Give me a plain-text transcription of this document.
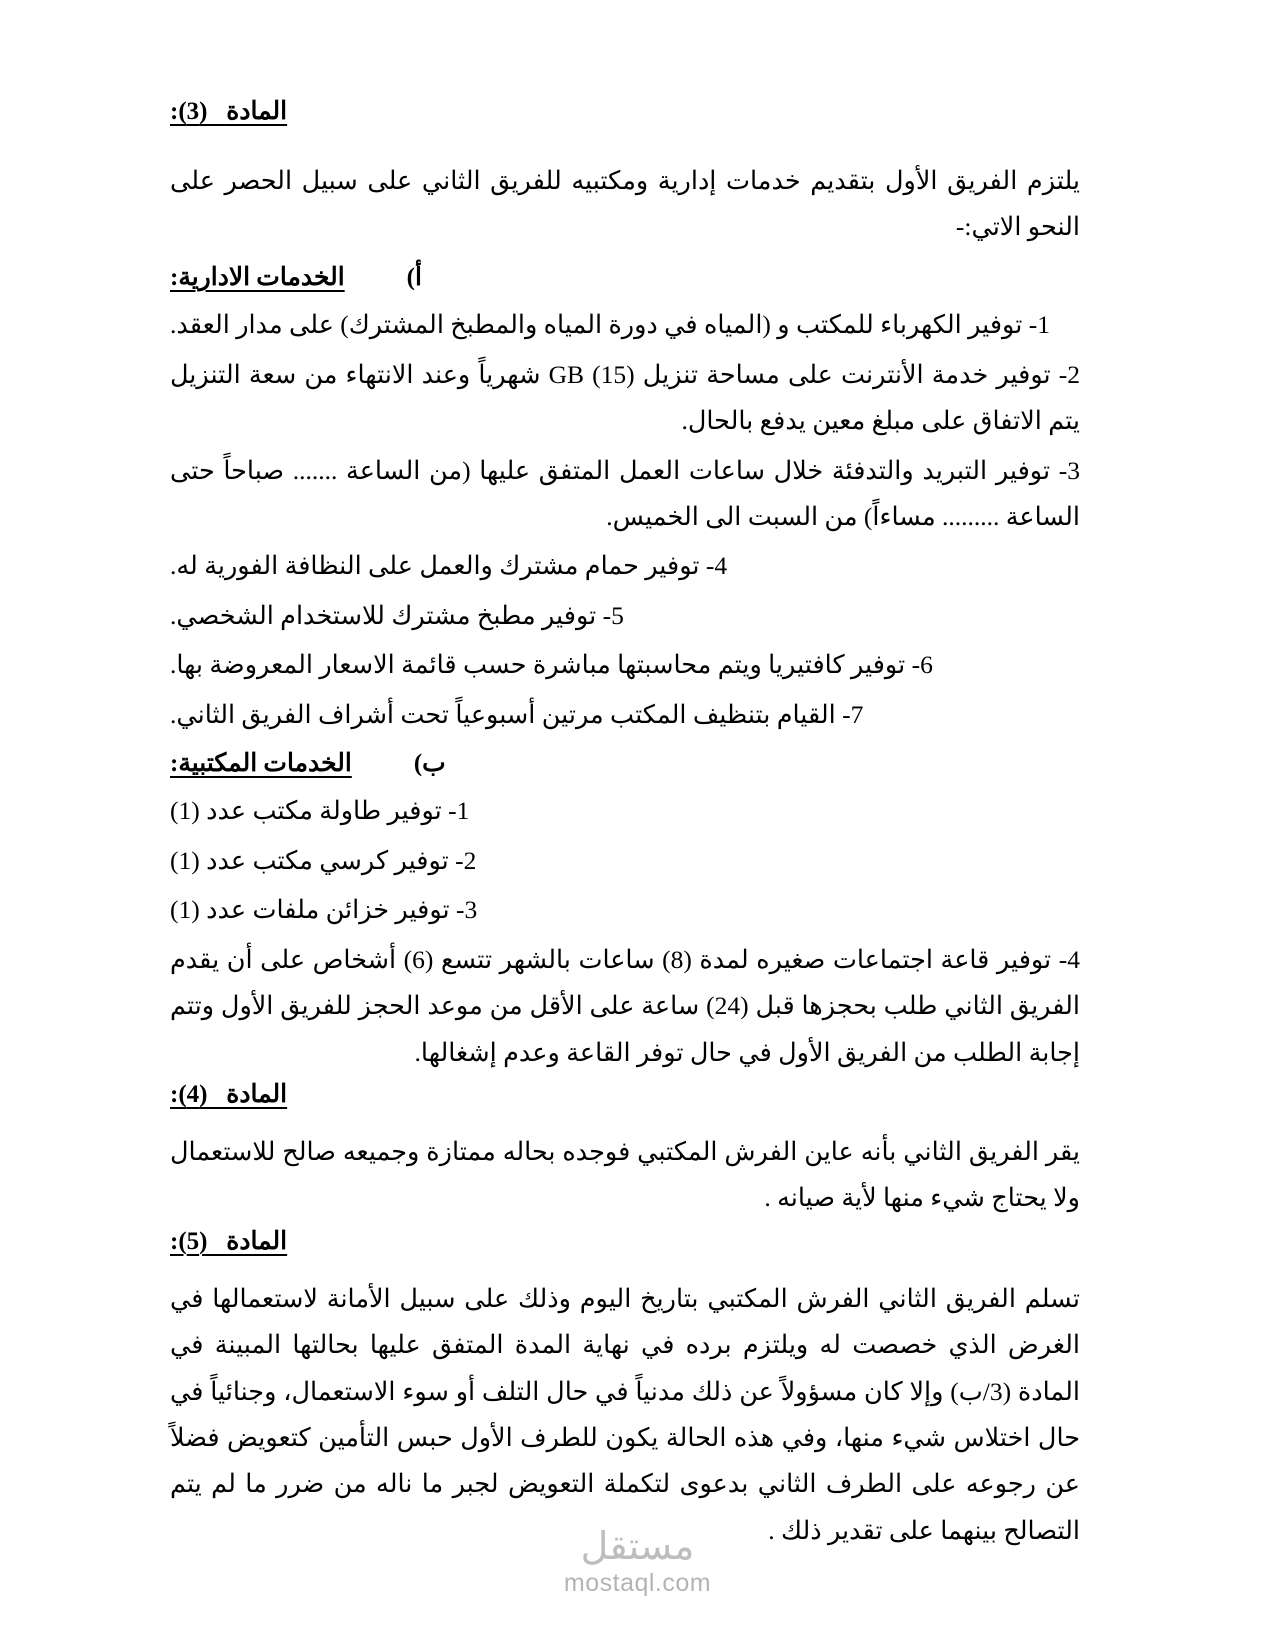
المادة   (3):

يلتزم الفريق الأول بتقديم خدمات إدارية ومكتبيه للفريق الثاني على سبيل الحصر على النحو الاتي:-

أ)الخدمات الادارية:
1- توفير الكهرباء للمكتب و (المياه في دورة المياه والمطبخ المشترك) على مدار العقد.
2- توفير خدمة الأنترنت على مساحة تنزيل (15) GB شهرياً وعند الانتهاء من سعة التنزيل يتم الاتفاق على مبلغ معين يدفع بالحال.
3- توفير التبريد والتدفئة خلال ساعات العمل المتفق عليها (من الساعة ....... صباحاً حتى الساعة ......... مساءاً) من السبت الى الخميس.
4- توفير حمام مشترك والعمل على النظافة الفورية له.
5- توفير مطبخ مشترك للاستخدام الشخصي.
6- توفير كافتيريا ويتم محاسبتها مباشرة حسب قائمة الاسعار المعروضة بها.
7- القيام بتنظيف المكتب مرتين أسبوعياً تحت أشراف الفريق الثاني.
ب)الخدمات المكتبية:
1- توفير طاولة مكتب عدد (1)
2- توفير كرسي مكتب عدد (1)
3- توفير خزائن ملفات عدد (1)
4- توفير قاعة اجتماعات صغيره لمدة (8) ساعات بالشهر تتسع (6) أشخاص على أن يقدم الفريق الثاني طلب بحجزها قبل (24) ساعة على الأقل من موعد الحجز للفريق الأول وتتم إجابة الطلب من الفريق الأول في حال توفر القاعة وعدم إشغالها.
المادة   (4):

يقر الفريق الثاني بأنه عاين الفرش المكتبي فوجده بحاله ممتازة وجميعه صالح للاستعمال ولا يحتاج شيء منها لأية صيانه .

المادة   (5):

تسلم الفريق الثاني الفرش المكتبي بتاريخ اليوم وذلك على سبيل الأمانة لاستعمالها في الغرض الذي خصصت له ويلتزم برده في نهاية المدة المتفق عليها بحالتها المبينة في المادة (3/ب) وإلا كان مسؤولاً عن ذلك مدنياً في حال التلف أو سوء الاستعمال، وجنائياً في حال اختلاس شيء منها، وفي هذه الحالة يكون للطرف الأول حبس التأمين كتعويض فضلاً عن رجوعه على الطرف الثاني بدعوى لتكملة التعويض لجبر ما ناله من ضرر ما لم يتم التصالح بينهما على تقدير ذلك .

مستقل
mostaql.com
